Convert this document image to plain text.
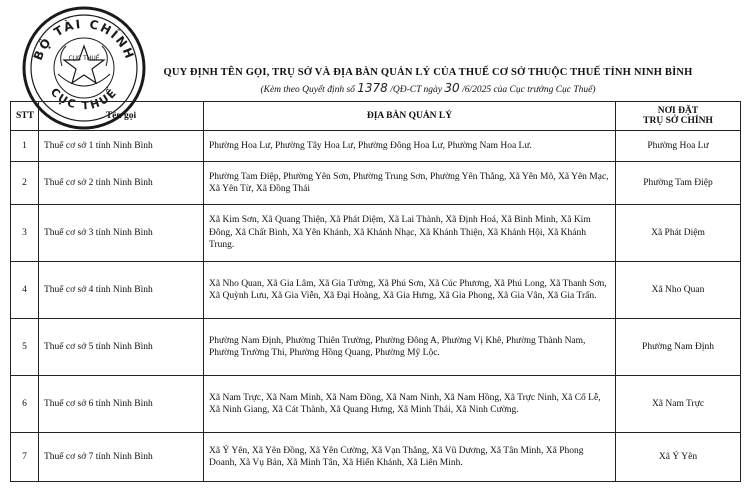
BỘ TÀI CHÍNH
CỤC THUẾ
CỤC THUẾ
QUY ĐỊNH TÊN GỌI, TRỤ SỞ VÀ ĐỊA BÀN QUẢN LÝ CỦA THUẾ CƠ SỞ THUỘC THUẾ TỈNH NINH BÌNH
(Kèm theo Quyết định số 1378 /QĐ-CT ngày 30 /6/2025 của Cục trưởng Cục Thuế)
STT	Tên gọi	ĐỊA BÀN QUẢN LÝ	NƠI ĐẶT
TRỤ SỞ CHÍNH
1	Thuế cơ sở 1 tỉnh Ninh Bình	Phường Hoa Lư, Phường Tây Hoa Lư, Phường Đông Hoa Lư, Phường Nam Hoa Lư.	Phường Hoa Lư
2	Thuế cơ sở 2 tỉnh Ninh Bình	Phường Tam Điệp, Phường Yên Sơn, Phường Trung Sơn, Phường Yên Thắng, Xã Yên Mô, Xã Yên Mạc, Xã Yên Từ, Xã Đồng Thái	Phường Tam Điệp
3	Thuế cơ sở 3 tỉnh Ninh Bình	Xã Kim Sơn, Xã Quang Thiện, Xã Phát Diệm, Xã Lai Thành, Xã Định Hoá, Xã Bình Minh, Xã Kim Đông, Xã Chất Bình, Xã Yên Khánh, Xã Khánh Nhạc, Xã Khánh Thiện, Xã Khánh Hội, Xã Khánh Trung.	Xã Phát Diệm
4	Thuế cơ sở 4 tỉnh Ninh Bình	Xã Nho Quan, Xã Gia Lâm, Xã Gia Tường, Xã Phú Sơn, Xã Cúc Phương, Xã Phú Long, Xã Thanh Sơn, Xã Quỳnh Lưu, Xã Gia Viễn, Xã Đại Hoàng, Xã Gia Hưng, Xã Gia Phong, Xã Gia Vân, Xã Gia Trấn.	Xã Nho Quan
5	Thuế cơ sở 5 tỉnh Ninh Bình	Phường Nam Định, Phường Thiên Trường, Phường Đông A, Phường Vị Khê, Phường Thành Nam, Phường Trường Thi, Phường Hồng Quang, Phường Mỹ Lộc.	Phường Nam Định
6	Thuế cơ sở 6 tỉnh Ninh Bình	Xã Nam Trực, Xã Nam Minh, Xã Nam Đồng, Xã Nam Ninh, Xã Nam Hồng, Xã Trực Ninh, Xã Cổ Lễ, Xã Ninh Giang, Xã Cát Thành, Xã Quang Hưng, Xã Minh Thái, Xã Ninh Cường.	Xã Nam Trực
7	Thuế cơ sở 7 tỉnh Ninh Bình	Xã Ý Yên, Xã Yên Đồng, Xã Yên Cường, Xã Vạn Thắng, Xã Vũ Dương, Xã Tân Minh, Xã Phong Doanh, Xã Vụ Bản, Xã Minh Tân, Xã Hiển Khánh, Xã Liên Minh.	Xã Ý Yên
